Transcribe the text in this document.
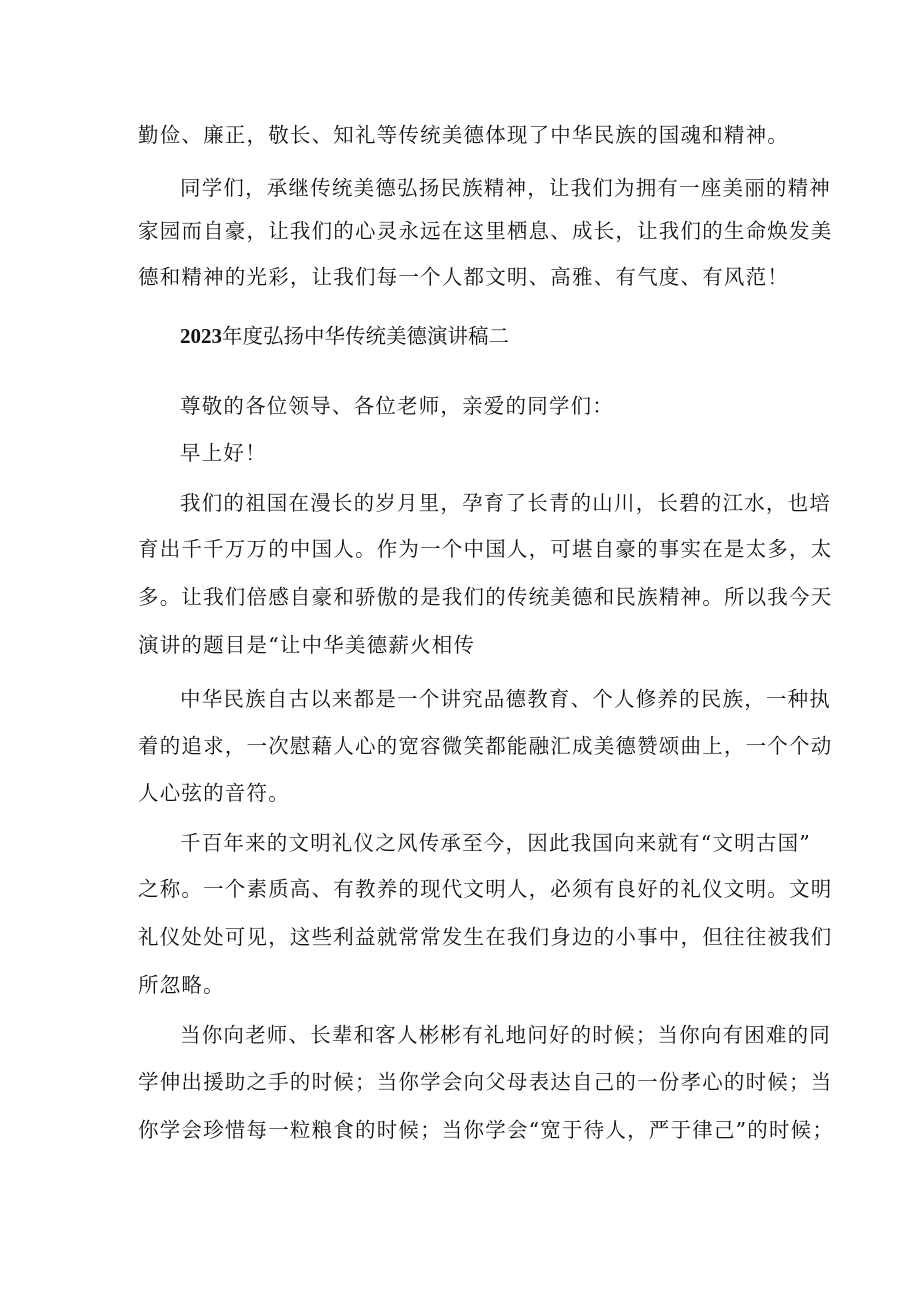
勤俭、廉正，敬长、知礼等传统美德体现了中华民族的国魂和精神。
同学们，承继传统美德弘扬民族精神，让我们为拥有一座美丽的精神
家园而自豪，让我们的心灵永远在这里栖息、成长，让我们的生命焕发美
德和精神的光彩，让我们每一个人都文明、高雅、有气度、有风范！
2023年度弘扬中华传统美德演讲稿二
尊敬的各位领导、各位老师，亲爱的同学们：
早上好！
我们的祖国在漫长的岁月里，孕育了长青的山川，长碧的江水，也培
育出千千万万的中国人。作为一个中国人，可堪自豪的事实在是太多，太
多。让我们倍感自豪和骄傲的是我们的传统美德和民族精神。所以我今天
演讲的题目是“让中华美德薪火相传
中华民族自古以来都是一个讲究品德教育、个人修养的民族，一种执
着的追求，一次慰藉人心的宽容微笑都能融汇成美德赞颂曲上，一个个动
人心弦的音符。
千百年来的文明礼仪之风传承至今，因此我国向来就有“文明古国”
之称。一个素质高、有教养的现代文明人，必须有良好的礼仪文明。文明
礼仪处处可见，这些利益就常常发生在我们身边的小事中，但往往被我们
所忽略。
当你向老师、长辈和客人彬彬有礼地问好的时候；当你向有困难的同
学伸出援助之手的时候；当你学会向父母表达自己的一份孝心的时候；当
你学会珍惜每一粒粮食的时候；当你学会“宽于待人，严于律己”的时候；
